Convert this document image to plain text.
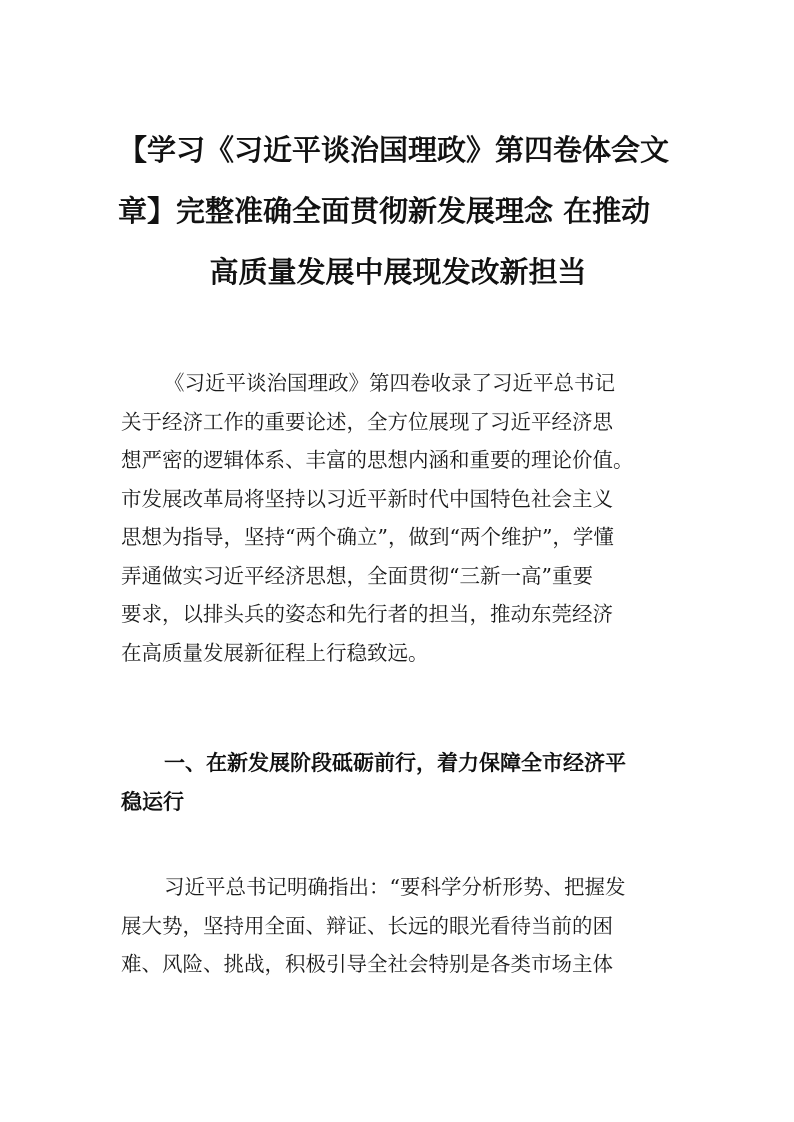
【学习《习近平谈治国理政》第四卷体会文
章】完整准确全面贯彻新发展理念 在推动
高质量发展中展现发改新担当

《习近平谈治国理政》第四卷收录了习近平总书记
关于经济工作的重要论述，全方位展现了习近平经济思
想严密的逻辑体系、丰富的思想内涵和重要的理论价值。
市发展改革局将坚持以习近平新时代中国特色社会主义
思想为指导，坚持“两个确立”，做到“两个维护”，学懂
弄通做实习近平经济思想，全面贯彻“三新一高”重要
要求，以排头兵的姿态和先行者的担当，推动东莞经济
在高质量发展新征程上行稳致远。

一、在新发展阶段砥砺前行，着力保障全市经济平
稳运行

习近平总书记明确指出：“要科学分析形势、把握发
展大势，坚持用全面、辩证、长远的眼光看待当前的困
难、风险、挑战，积极引导全社会特别是各类市场主体
